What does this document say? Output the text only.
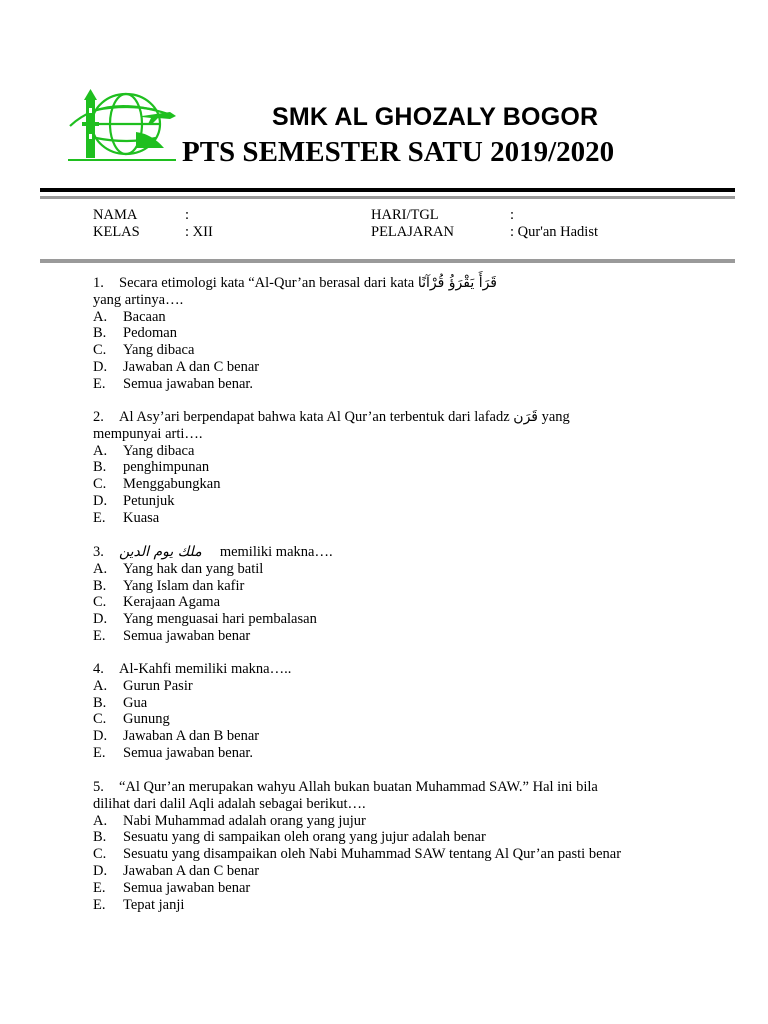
SMK AL GHOZALY BOGOR
PTS SEMESTER SATU 2019/2020
NAMA	:	HARI/TGL	:
KELAS	: XII	PELAJARAN	: Qur'an Hadist
1. Secara etimologi kata “Al-Qur’an berasal dari kata قَرَأَ يَقْرَؤُ قُرْآنًا
yang artinya….
A. Bacaan
B. Pedoman
C. Yang dibaca
D. Jawaban A dan C benar
E. Semua jawaban benar.
2. Al Asy’ari berpendapat bahwa kata Al Qur’an terbentuk dari lafadz قَرَن yang
mempunyai arti….
A. Yang dibaca
B. penghimpunan
C. Menggabungkan
D. Petunjuk
E. Kuasa
3. ملك يوم الدين memiliki makna….
A. Yang hak dan yang batil
B. Yang Islam dan kafir
C. Kerajaan Agama
D. Yang menguasai hari pembalasan
E. Semua jawaban benar
4. Al-Kahfi memiliki makna…..
A. Gurun Pasir
B. Gua
C. Gunung
D. Jawaban A dan B benar
E. Semua jawaban benar.
5. “Al Qur’an merupakan wahyu Allah bukan buatan Muhammad SAW.” Hal ini bila
dilihat dari dalil Aqli adalah sebagai berikut….
A. Nabi Muhammad adalah orang yang jujur
B. Sesuatu yang di sampaikan oleh orang yang jujur adalah benar
C. Sesuatu yang disampaikan oleh Nabi Muhammad SAW tentang Al Qur’an pasti benar
D. Jawaban A dan C benar
E. Semua jawaban benar
E. Tepat janji
